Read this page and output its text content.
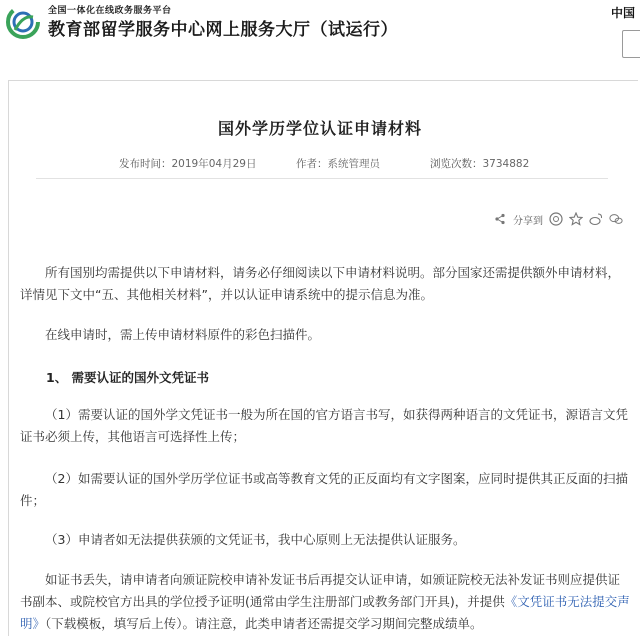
全国一体化在线政务服务平台
教育部留学服务中心网上服务大厅（试运行）
中国
国外学历学位认证申请材料
发布时间：2019年04月29日	作者：系统管理员	浏览次数：3734882
分享到
所有国别均需提供以下申请材料，请务必仔细阅读以下申请材料说明。部分国家还需提供额外申请材料，详情见下文中“五、其他相关材料”，并以认证申请系统中的提示信息为准。
在线申请时，需上传申请材料原件的彩色扫描件。
1、 需要认证的国外文凭证书
（1）需要认证的国外学文凭证书一般为所在国的官方语言书写，如获得两种语言的文凭证书，源语言文凭证书必须上传，其他语言可选择性上传；
（2）如需要认证的国外学历学位证书或高等教育文凭的正反面均有文字图案，应同时提供其正反面的扫描件；
（3）申请者如无法提供获颁的文凭证书，我中心原则上无法提供认证服务。
如证书丢失，请申请者向颁证院校申请补发证书后再提交认证申请，如颁证院校无法补发证书则应提供证书副本、或院校官方出具的学位授予证明(通常由学生注册部门或教务部门开具)，并提供《文凭证书无法提交声明》（下载模板，填写后上传）。请注意，此类申请者还需提交学习期间完整成绩单。
